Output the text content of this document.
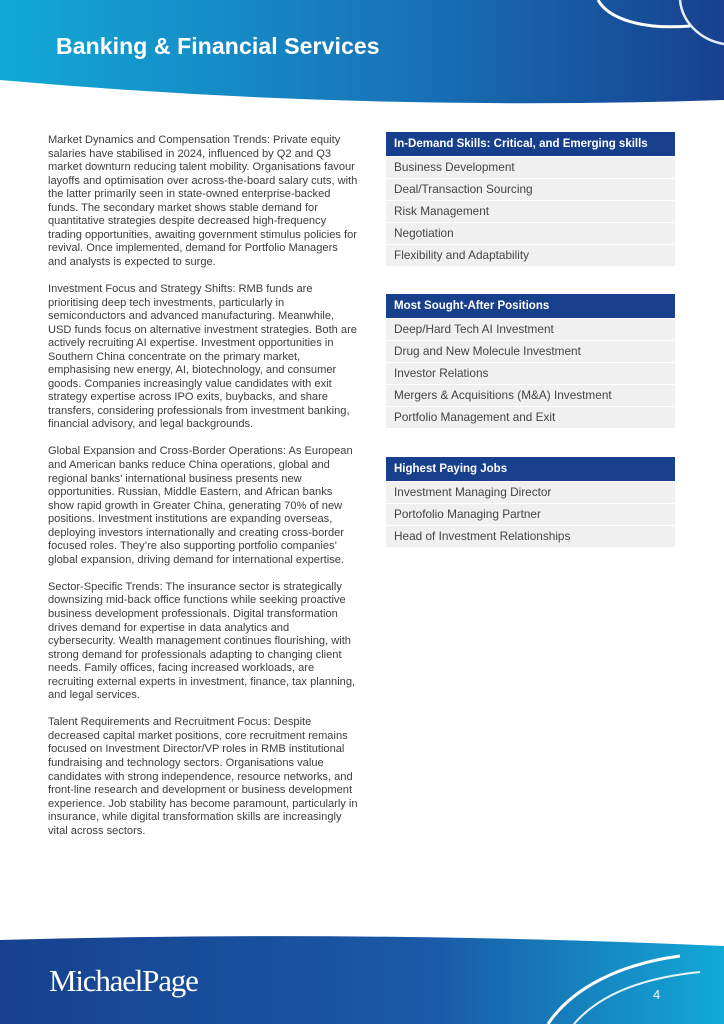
Banking & Financial Services

Market Dynamics and Compensation Trends: Private equity salaries have stabilised in 2024, influenced by Q2 and Q3 market downturn reducing talent mobility. Organisations favour layoffs and optimisation over across-the-board salary cuts, with the latter primarily seen in state-owned enterprise-backed funds. The secondary market shows stable demand for quantitative strategies despite decreased high-frequency trading opportunities, awaiting government stimulus policies for revival. Once implemented, demand for Portfolio Managers and analysts is expected to surge.

Investment Focus and Strategy Shifts: RMB funds are prioritising deep tech investments, particularly in semiconductors and advanced manufacturing. Meanwhile, USD funds focus on alternative investment strategies. Both are actively recruiting AI expertise. Investment opportunities in Southern China concentrate on the primary market, emphasising new energy, AI, biotechnology, and consumer goods. Companies increasingly value candidates with exit strategy expertise across IPO exits, buybacks, and share transfers, considering professionals from investment banking, financial advisory, and legal backgrounds.

Global Expansion and Cross-Border Operations: As European and American banks reduce China operations, global and regional banks’ international business presents new opportunities. Russian, Middle Eastern, and African banks show rapid growth in Greater China, generating 70% of new positions. Investment institutions are expanding overseas, deploying investors internationally and creating cross-border focused roles. They’re also supporting portfolio companies’ global expansion, driving demand for international expertise.

Sector-Specific Trends: The insurance sector is strategically downsizing mid-back office functions while seeking proactive business development professionals. Digital transformation drives demand for expertise in data analytics and cybersecurity. Wealth management continues flourishing, with strong demand for professionals adapting to changing client needs. Family offices, facing increased workloads, are recruiting external experts in investment, finance, tax planning, and legal services.

Talent Requirements and Recruitment Focus: Despite decreased capital market positions, core recruitment remains focused on Investment Director/VP roles in RMB institutional fundraising and technology sectors. Organisations value candidates with strong independence, resource networks, and front-line research and development or business development experience. Job stability has become paramount, particularly in insurance, while digital transformation skills are increasingly vital across sectors.

In-Demand Skills: Critical, and Emerging skills
Business Development
Deal/Transaction Sourcing
Risk Management
Negotiation
Flexibility and Adaptability
Most Sought-After Positions
Deep/Hard Tech AI Investment
Drug and New Molecule Investment
Investor Relations
Mergers & Acquisitions (M&A) Investment
Portfolio Management and Exit
Highest Paying Jobs
Investment Managing Director
Portofolio Managing Partner
Head of Investment Relationships
MichaelPage	4
